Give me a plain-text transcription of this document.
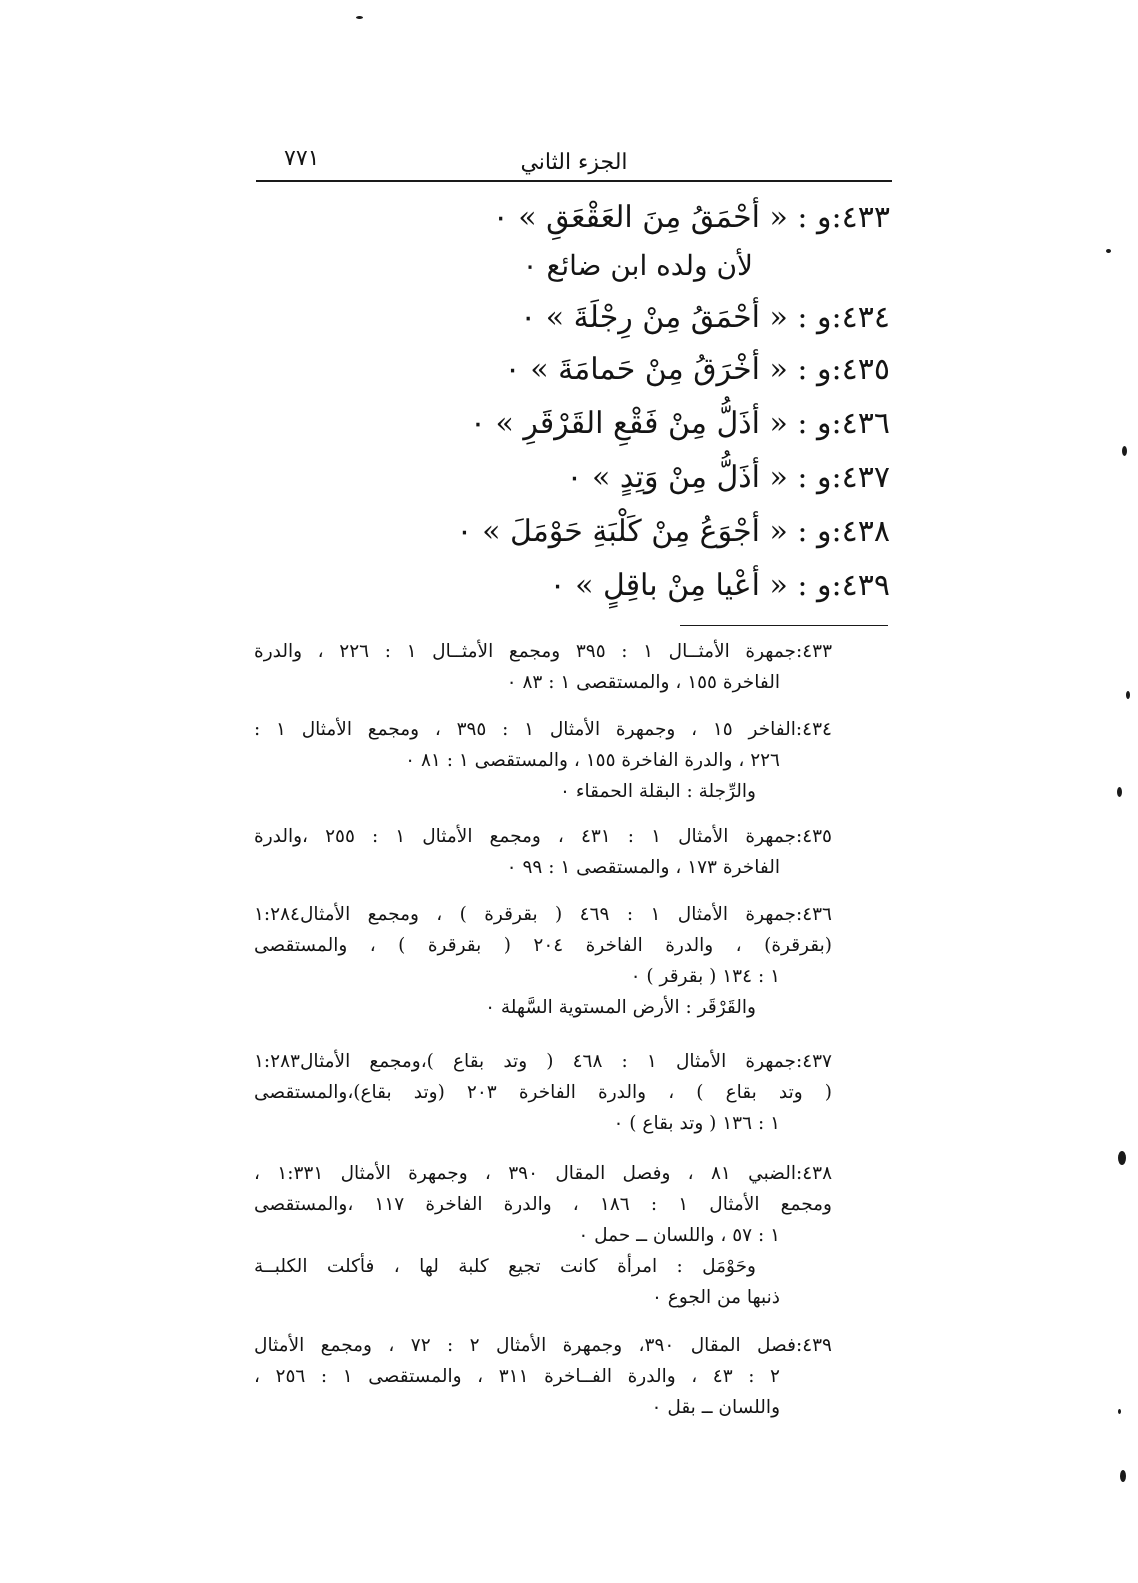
٧٧١	الجزء الثاني
٤٣٣:و : « أحْمَقُ مِنَ العَقْعَقِ » ٠
لأن ولده ابن ضائع ٠
٤٣٤:و : « أحْمَقُ مِنْ رِجْلَةَ » ٠
٤٣٥:و : « أخْرَقُ مِنْ حَمامَةَ » ٠
٤٣٦:و : « أذَلُّ مِنْ فَقْعِ القَرْقَرِ » ٠
٤٣٧:و : « أذَلُّ مِنْ وَتِدٍ » ٠
٤٣٨:و : « أجْوَعُ مِنْ كَلْبَةِ حَوْمَلَ » ٠
٤٣٩:و : « أعْيا مِنْ باقِلٍ » ٠
٤٣٣:جمهرة الأمثــال ١ : ٣٩٥ ومجمع الأمثــال ١ : ٢٢٦ ، والدرة
الفاخرة ١٥٥ ، والمستقصى ١ : ٨٣ ٠
٤٣٤:الفاخر ١٥ ، وجمهرة الأمثال ١ : ٣٩٥ ، ومجمع الأمثال ١ :
٢٢٦ ، والدرة الفاخرة ١٥٥ ، والمستقصى ١ : ٨١ ٠
والرِّجلة : البقلة الحمقاء ٠
٤٣٥:جمهرة الأمثال ١ : ٤٣١ ، ومجمع الأمثال ١ : ٢٥٥ ،والدرة
الفاخرة ١٧٣ ، والمستقصى ١ : ٩٩ ٠
٤٣٦:جمهرة الأمثال ١ : ٤٦٩ ( بقرقرة ) ، ومجمع الأمثال١:٢٨٤
(بقرقرة) ، والدرة الفاخرة ٢٠٤ ( بقرقرة ) ، والمستقصى
١ : ١٣٤ ( بقرقر ) ٠
والقَرْقَر : الأرض المستوية السَّهلة ٠
٤٣٧:جمهرة الأمثال ١ : ٤٦٨ ( وتد بقاع )،ومجمع الأمثال١:٢٨٣
( وتد بقاع ) ، والدرة الفاخرة ٢٠٣ (وتد بقاع)،والمستقصى
١ : ١٣٦ ( وتد بقاع ) ٠
٤٣٨:الضبي ٨١ ، وفصل المقال ٣٩٠ ، وجمهرة الأمثال ١:٣٣١ ،
ومجمع الأمثال ١ : ١٨٦ ، والدرة الفاخرة ١١٧ ،والمستقصى
١ : ٥٧ ، واللسان ــ حمل ٠
وحَوْمَل : امرأة كانت تجيع كلبة لها ، فأكلت الكلبــة
ذنبها من الجوع ٠
٤٣٩:فصل المقال ٣٩٠، وجمهرة الأمثال ٢ : ٧٢ ، ومجمع الأمثال
٢ : ٤٣ ، والدرة الفــاخرة ٣١١ ، والمستقصى ١ : ٢٥٦ ،
واللسان ــ بقل ٠
